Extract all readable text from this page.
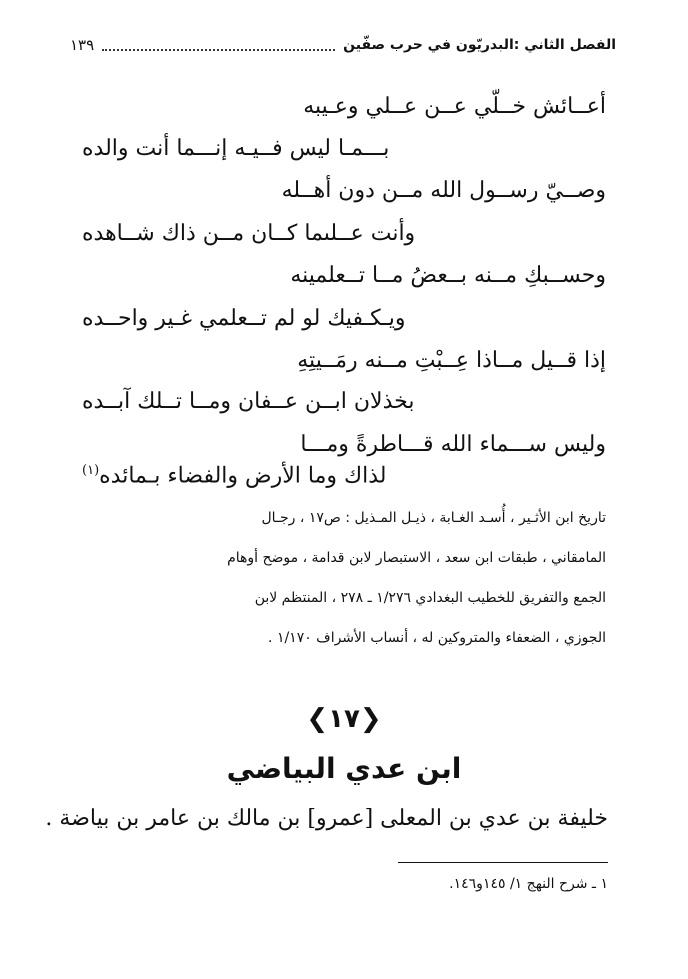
الفصل الثاني :البدريّون في حرب صفّين
١٣٩
أعــائش خــلّي عــن عــلي وعـيبه
بـــمـا ليس فــيـه إنـــما أنت والده
وصــيّ رســول الله مــن دون أهــله
وأنت عــلىما كــان مــن ذاك شــاهده
وحســبكِ مــنه بــعضُ مــا تــعلمينه
ويـكـفيك لو لم تــعلمي غـير واحــده
إذا قــيل مــاذا عِــبْتِ مــنه رمَــيتِهِ
بخذلان ابــن عــفان ومــا تــلك آبــده
وليس ســـماء الله قـــاطرةً ومـــا
لذاك وما الأرض والفضاء بـمائده$^{(١)}$
تاريخ ابن الأثـير ، أُسـد الغـابة ، ذيـل المـذيل : ص١٧ ، رجـال
المامقاني ، طبقات ابن سعد ، الاستبصار لابن قدامة ، موضح أوهام
الجمع والتفريق للخطيب البغدادي ١/٢٧٦ ـ ٢٧٨ ، المنتظم لابن
الجوزي ، الضعفاء والمتروكين له ، أنساب الأشراف ١/١٧٠ .
❮١٧❯
ابن عدي البياضي
خليفة بن عدي بن المعلى [عمرو] بن مالك بن عامر بن بياضة .
١ ـ شرح النهج ١/ ١٤٥و١٤٦.
